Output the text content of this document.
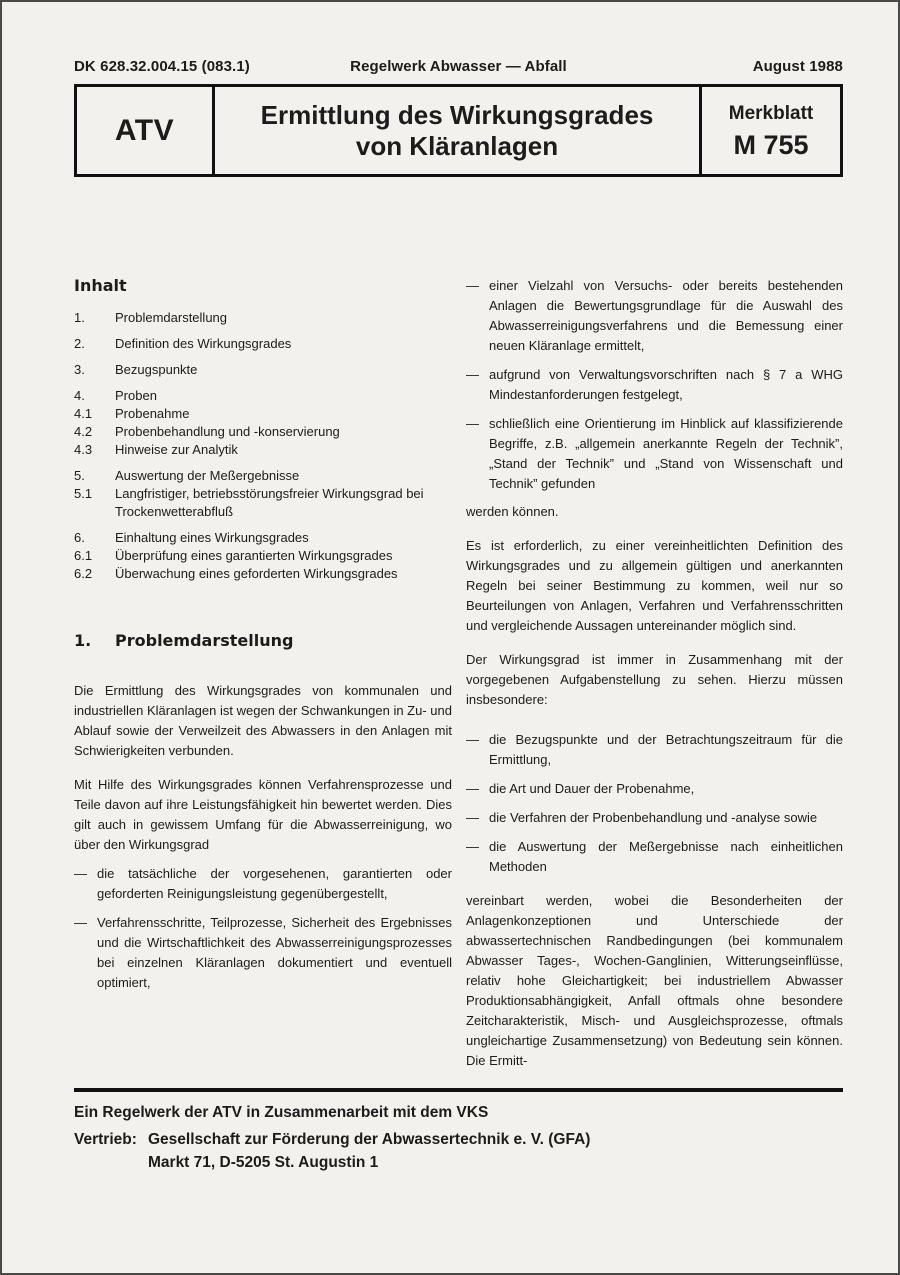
DK 628.32.004.15 (083.1)	Regelwerk Abwasser — Abfall	August 1988
ATV	Ermittlung des Wirkungsgrades
von Kläranlagen
Merkblatt
M 755
Inhalt
1.	Problemdarstellung
2.	Definition des Wirkungsgrades
3.	Bezugspunkte
4.	Proben
4.1	Probenahme
4.2	Probenbehandlung und -konservierung
4.3	Hinweise zur Analytik
5.	Auswertung der Meßergebnisse
5.1	Langfristiger, betriebsstörungsfreier Wirkungsgrad bei Trockenwetterabfluß
6.	Einhaltung eines Wirkungsgrades
6.1	Überprüfung eines garantierten Wirkungsgrades
6.2	Überwachung eines geforderten Wirkungsgrades
1.	Problemdarstellung

Die Ermittlung des Wirkungsgrades von kommunalen und industriellen Kläranlagen ist wegen der Schwankungen in Zu- und Ablauf sowie der Verweilzeit des Abwassers in den Anlagen mit Schwierigkeiten verbunden.

Mit Hilfe des Wirkungsgrades können Verfahrensprozesse und Teile davon auf ihre Leistungsfähigkeit hin bewertet werden. Dies gilt auch in gewissem Umfang für die Abwasserreinigung, wo über den Wirkungsgrad

— die tatsächliche der vorgesehenen, garantierten oder geforderten Reinigungsleistung gegenübergestellt,
— Verfahrensschritte, Teilprozesse, Sicherheit des Ergebnisses und die Wirtschaftlichkeit des Abwasserreinigungsprozesses bei einzelnen Kläranlagen dokumentiert und eventuell optimiert,
— einer Vielzahl von Versuchs- oder bereits bestehenden Anlagen die Bewertungsgrundlage für die Auswahl des Abwasserreinigungsverfahrens und die Bemessung einer neuen Kläranlage ermittelt,
— aufgrund von Verwaltungsvorschriften nach § 7 a WHG Mindestanforderungen festgelegt,
— schließlich eine Orientierung im Hinblick auf klassifizierende Begriffe, z.B. „allgemein anerkannte Regeln der Technik”, „Stand der Technik” und „Stand von Wissenschaft und Technik” gefunden

werden können.

Es ist erforderlich, zu einer vereinheitlichten Definition des Wirkungsgrades und zu allgemein gültigen und anerkannten Regeln bei seiner Bestimmung zu kommen, weil nur so Beurteilungen von Anlagen, Verfahren und Verfahrensschritten und vergleichende Aussagen untereinander möglich sind.

Der Wirkungsgrad ist immer in Zusammenhang mit der vorgegebenen Aufgabenstellung zu sehen. Hierzu müssen insbesondere:

— die Bezugspunkte und der Betrachtungszeitraum für die Ermittlung,
— die Art und Dauer der Probenahme,
— die Verfahren der Probenbehandlung und -analyse sowie
— die Auswertung der Meßergebnisse nach einheitlichen Methoden

vereinbart werden, wobei die Besonderheiten der Anlagenkonzeptionen und Unterschiede der abwassertechnischen Randbedingungen (bei kommunalem Abwasser Tages-, Wochen-Ganglinien, Witterungseinflüsse, relativ hohe Gleichartigkeit; bei industriellem Abwasser Produktionsabhängigkeit, Anfall oftmals ohne besondere Zeitcharakteristik, Misch- und Ausgleichsprozesse, oftmals ungleichartige Zusammensetzung) von Bedeutung sein können. Die Ermitt-

Ein Regelwerk der ATV in Zusammenarbeit mit dem VKS
Vertrieb: Gesellschaft zur Förderung der Abwassertechnik e. V. (GFA)
Markt 71, D-5205 St. Augustin 1
